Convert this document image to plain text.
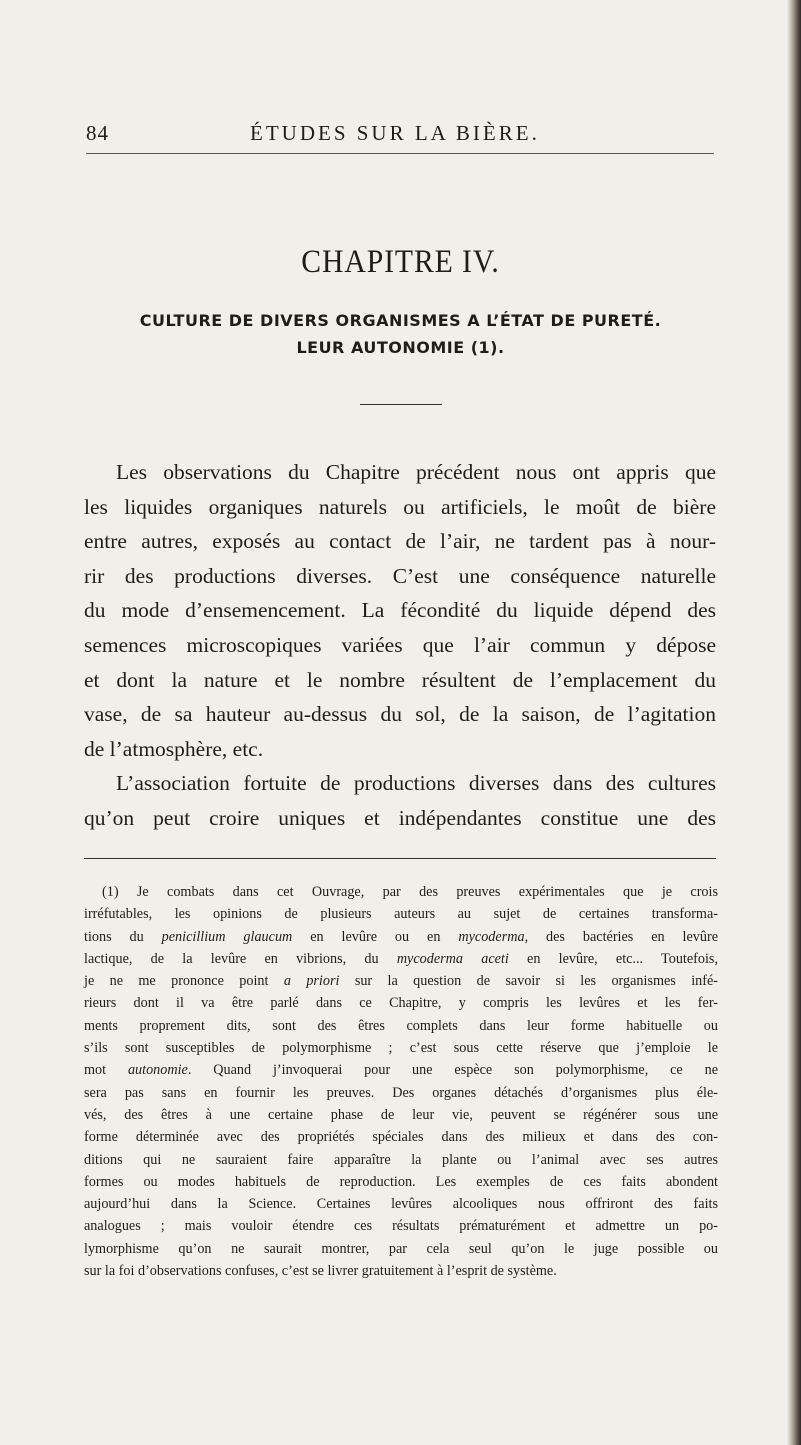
84	ÉTUDES SUR LA BIÈRE.
CHAPITRE IV.
CULTURE DE DIVERS ORGANISMES A L’ÉTAT DE PURETÉ.
LEUR AUTONOMIE (1).
Les observations du Chapitre précédent nous ont appris que
les liquides organiques naturels ou artificiels, le moût de bière
entre autres, exposés au contact de l’air, ne tardent pas à nour-
rir des productions diverses. C’est une conséquence naturelle
du mode d’ensemencement. La fécondité du liquide dépend des
semences microscopiques variées que l’air commun y dépose
et dont la nature et le nombre résultent de l’emplacement du
vase, de sa hauteur au-dessus du sol, de la saison, de l’agitation
de l’atmosphère, etc.
L’association fortuite de productions diverses dans des cultures
qu’on peut croire uniques et indépendantes constitue une des
(1) Je combats dans cet Ouvrage, par des preuves expérimentales que je crois
irréfutables, les opinions de plusieurs auteurs au sujet de certaines transforma-
tions du penicillium glaucum en levûre ou en mycoderma, des bactéries en levûre
lactique, de la levûre en vibrions, du mycoderma aceti en levûre, etc... Toutefois,
je ne me prononce point a priori sur la question de savoir si les organismes infé-
rieurs dont il va être parlé dans ce Chapitre, y compris les levûres et les fer-
ments proprement dits, sont des êtres complets dans leur forme habituelle ou
s’ils sont susceptibles de polymorphisme ; c’est sous cette réserve que j’emploie le
mot autonomie. Quand j’invoquerai pour une espèce son polymorphisme, ce ne
sera pas sans en fournir les preuves. Des organes détachés d’organismes plus éle-
vés, des êtres à une certaine phase de leur vie, peuvent se régénérer sous une
forme déterminée avec des propriétés spéciales dans des milieux et dans des con-
ditions qui ne sauraient faire apparaître la plante ou l’animal avec ses autres
formes ou modes habituels de reproduction. Les exemples de ces faits abondent
aujourd’hui dans la Science. Certaines levûres alcooliques nous offriront des faits
analogues ; mais vouloir étendre ces résultats prématurément et admettre un po-
lymorphisme qu’on ne saurait montrer, par cela seul qu’on le juge possible ou
sur la foi d’observations confuses, c’est se livrer gratuitement à l’esprit de système.
